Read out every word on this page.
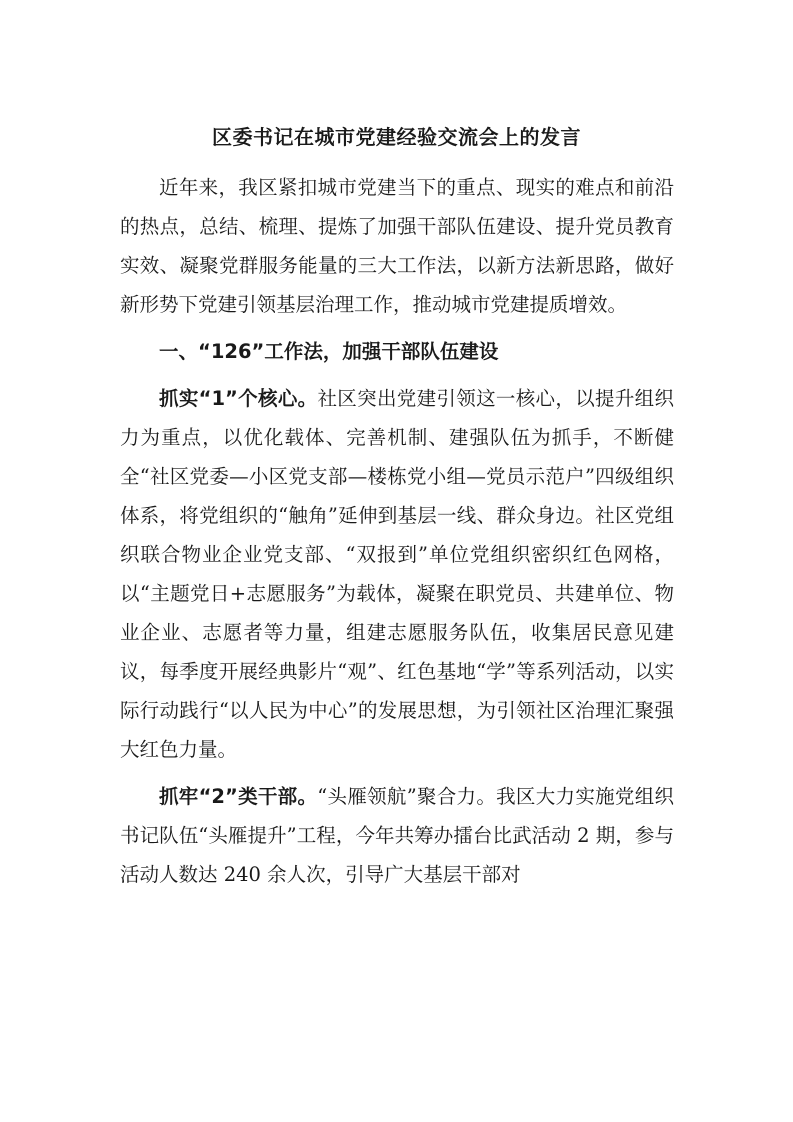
区委书记在城市党建经验交流会上的发言

近年来，我区紧扣城市党建当下的重点、现实的难点和前沿的热点，总结、梳理、提炼了加强干部队伍建设、提升党员教育实效、凝聚党群服务能量的三大工作法，以新方法新思路，做好新形势下党建引领基层治理工作，推动城市党建提质增效。

一、“126”工作法，加强干部队伍建设

抓实“1”个核心。社区突出党建引领这一核心，以提升组织力为重点，以优化载体、完善机制、建强队伍为抓手，不断健全“社区党委—小区党支部—楼栋党小组—党员示范户”四级组织体系，将党组织的“触角”延伸到基层一线、群众身边。社区党组织联合物业企业党支部、“双报到”单位党组织密织红色网格，以“主题党日+志愿服务”为载体，凝聚在职党员、共建单位、物业企业、志愿者等力量，组建志愿服务队伍，收集居民意见建议，每季度开展经典影片“观”、红色基地“学”等系列活动，以实际行动践行“以人民为中心”的发展思想，为引领社区治理汇聚强大红色力量。

抓牢“2”类干部。“头雁领航”聚合力。我区大力实施党组织书记队伍“头雁提升”工程，今年共筹办擂台比武活动 2 期，参与活动人数达 240 余人次，引导广大基层干部对
